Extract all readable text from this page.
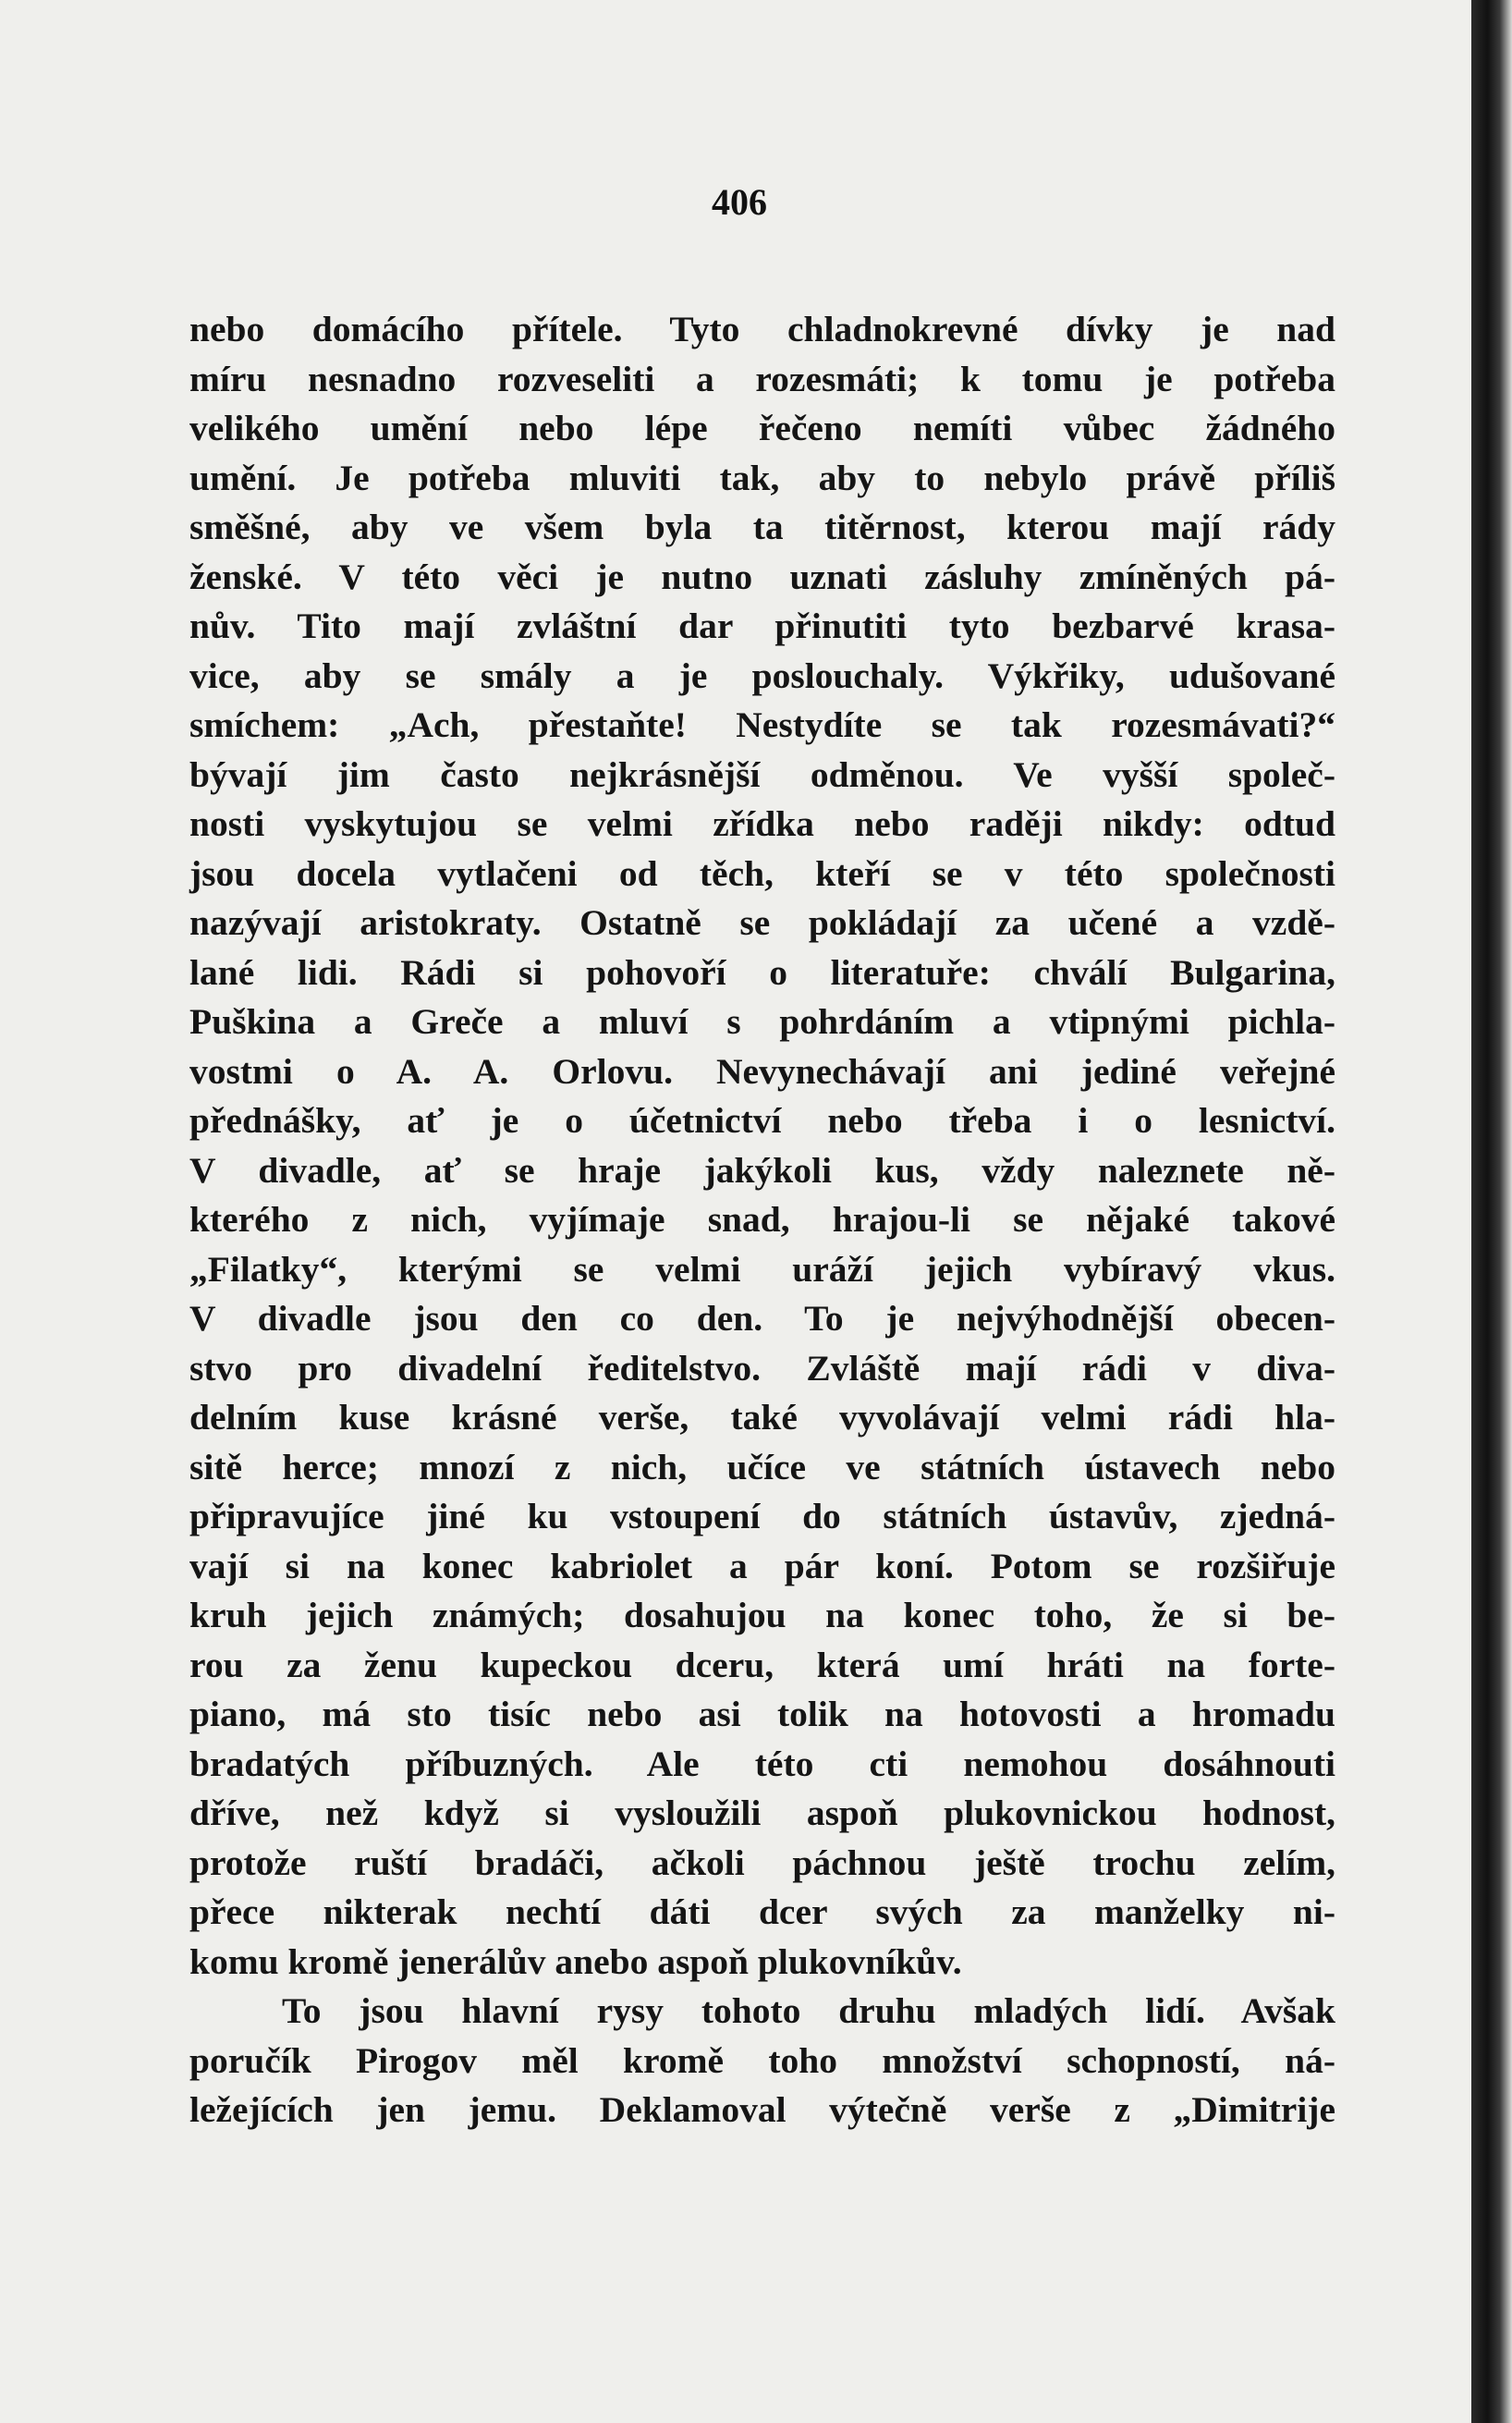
406
nebo domácího přítele. Tyto chladnokrevné dívky je nad
míru nesnadno rozveseliti a rozesmáti; k tomu je potřeba
velikého umění nebo lépe řečeno nemíti vůbec žádného
umění. Je potřeba mluviti tak, aby to nebylo právě příliš
směšné, aby ve všem byla ta titěrnost, kterou mají rády
ženské. V této věci je nutno uznati zásluhy zmíněných pá-
nův. Tito mají zvláštní dar přinutiti tyto bezbarvé krasa-
vice, aby se smály a je poslouchaly. Výkřiky, udušované
smíchem: „Ach, přestaňte! Nestydíte se tak rozesmávati?“
bývají jim často nejkrásnější odměnou. Ve vyšší společ-
nosti vyskytujou se velmi zřídka nebo raději nikdy: odtud
jsou docela vytlačeni od těch, kteří se v této společnosti
nazývají aristokraty. Ostatně se pokládají za učené a vzdě-
lané lidi. Rádi si pohovoří o literatuře: chválí Bulgarina,
Puškina a Greče a mluví s pohrdáním a vtipnými pichla-
vostmi o A. A. Orlovu. Nevynechávají ani jediné veřejné
přednášky, ať je o účetnictví nebo třeba i o lesnictví.
V divadle, ať se hraje jakýkoli kus, vždy naleznete ně-
kterého z nich, vyjímaje snad, hrajou-li se nějaké takové
„Filatky“, kterými se velmi uráží jejich vybíravý vkus.
V divadle jsou den co den. To je nejvýhodnější obecen-
stvo pro divadelní ředitelstvo. Zvláště mají rádi v diva-
delním kuse krásné verše, také vyvolávají velmi rádi hla-
sitě herce; mnozí z nich, učíce ve státních ústavech nebo
připravujíce jiné ku vstoupení do státních ústavův, zjedná-
vají si na konec kabriolet a pár koní. Potom se rozšiřuje
kruh jejich známých; dosahujou na konec toho, že si be-
rou za ženu kupeckou dceru, která umí hráti na forte-
piano, má sto tisíc nebo asi tolik na hotovosti a hromadu
bradatých příbuzných. Ale této cti nemohou dosáhnouti
dříve, než když si vysloužili aspoň plukovnickou hodnost,
protože ruští bradáči, ačkoli páchnou ještě trochu zelím,
přece nikterak nechtí dáti dcer svých za manželky ni-
komu kromě jenerálův anebo aspoň plukovníkův.
To jsou hlavní rysy tohoto druhu mladých lidí. Avšak
poručík Pirogov měl kromě toho množství schopností, ná-
ležejících jen jemu. Deklamoval výtečně verše z „Dimitrije
